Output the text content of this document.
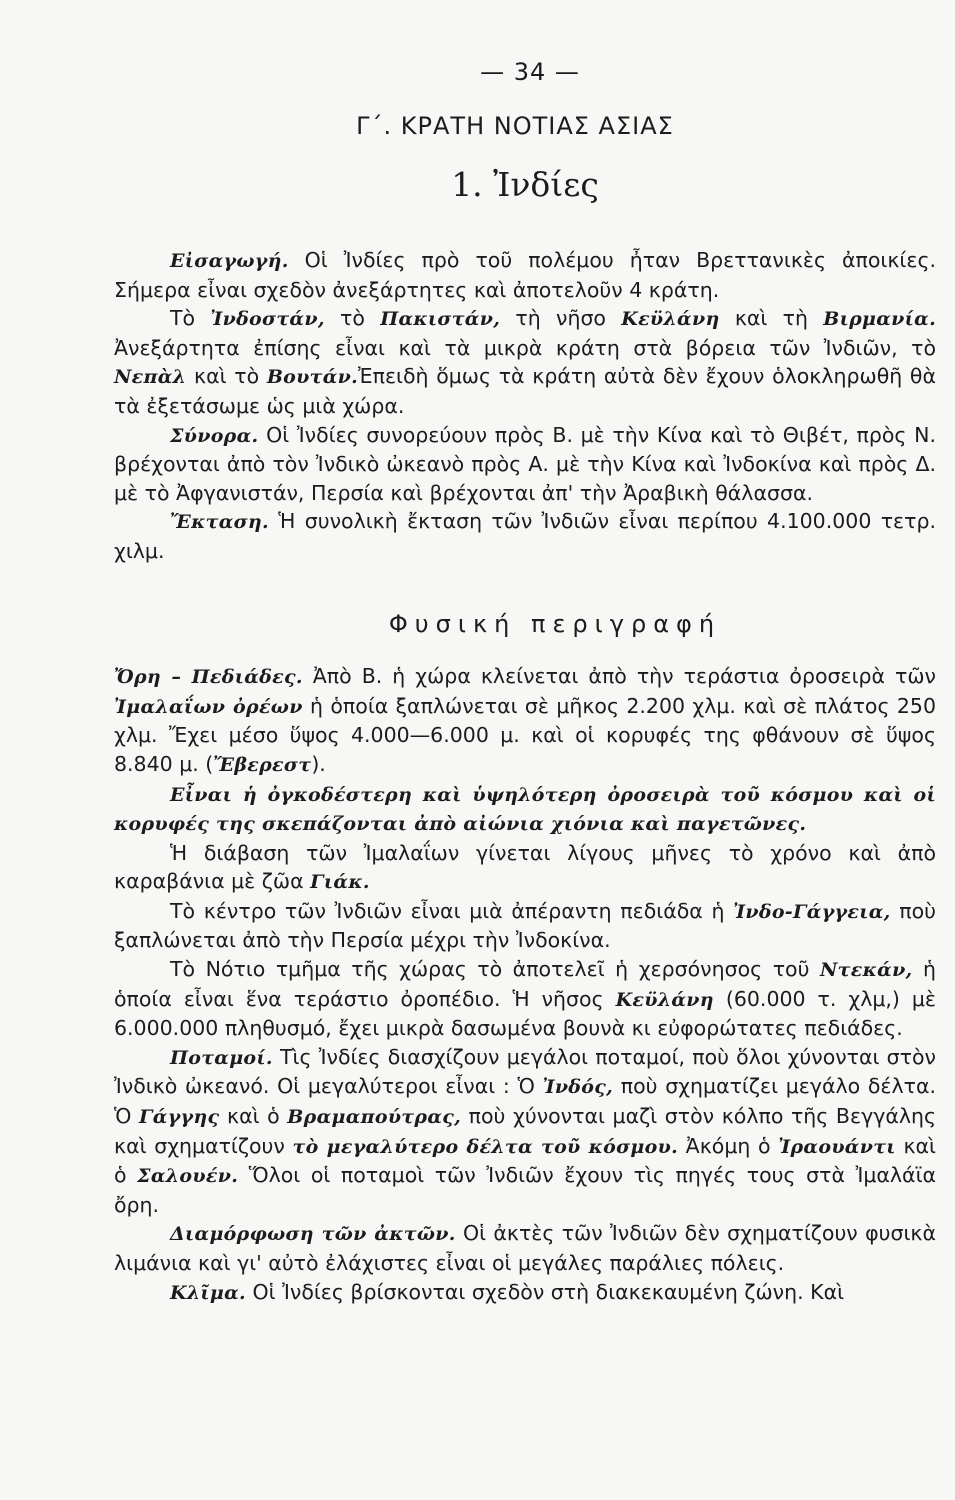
— 34 —
Γ΄. ΚΡΑΤΗ ΝΟΤΙΑΣ ΑΣΙΑΣ
1. Ἰνδίες

Εἰσαγωγή. Οἱ Ἰνδίες πρὸ τοῦ πολέμου ἦταν Βρεττανικὲς ἀποικίες. Σήμερα εἶναι σχεδὸν ἀνεξάρτητες καὶ ἀποτελοῦν 4 κράτη.

Τὸ Ἰνδοστάν, τὸ Πακιστάν, τὴ νῆσο Κεϋλάνη καὶ τὴ Βιρμανία. Ἀνεξάρτητα ἐπίσης εἶναι καὶ τὰ μικρὰ κράτη στὰ βόρεια τῶν Ἰνδιῶν, τὸ Νεπὰλ καὶ τὸ Βουτάν.Ἐπειδὴ ὅμως τὰ κράτη αὐτὰ δὲν ἔχουν ὁλοκληρωθῆ θὰ τὰ ἐξετάσωμε ὡς μιὰ χώρα.

Σύνορα. Οἱ Ἰνδίες συνορεύουν πρὸς Β. μὲ τὴν Κίνα καὶ τὸ Θιβέτ, πρὸς Ν. βρέχονται ἀπὸ τὸν Ἰνδικὸ ὠκεανὸ πρὸς Α. μὲ τὴν Κίνα καὶ Ἰνδοκίνα καὶ πρὸς Δ. μὲ τὸ Ἀφγανιστάν, Περσία καὶ βρέχονται ἀπ' τὴν Ἀραβικὴ θάλασσα.

Ἔκταση. Ἡ συνολικὴ ἔκταση τῶν Ἰνδιῶν εἶναι περίπου 4.100.000 τετρ. χιλμ.

Φυσική περιγραφή

Ὄρη – Πεδιάδες. Ἀπὸ Β. ἡ χώρα κλείνεται ἀπὸ τὴν τεράστια ὀροσειρὰ τῶν Ἰμαλαΐων ὀρέων ἡ ὁποία ξαπλώνεται σὲ μῆκος 2.200 χλμ. καὶ σὲ πλάτος 250 χλμ. Ἔχει μέσο ὕψος 4.000—6.000 μ. καὶ οἱ κορυφές της φθάνουν σὲ ὕψος 8.840 μ. (Ἔβερεστ).

Εἶναι ἡ ὀγκοδέστερη καὶ ὑψηλότερη ὀροσειρὰ τοῦ κόσμου καὶ οἱ κορυφές της σκεπάζονται ἀπὸ αἰώνια χιόνια καὶ παγετῶνες.

Ἡ διάβαση τῶν Ἰμαλαΐων γίνεται λίγους μῆνες τὸ χρόνο καὶ ἀπὸ καραβάνια μὲ ζῶα Γιάκ.

Τὸ κέντρο τῶν Ἰνδιῶν εἶναι μιὰ ἀπέραντη πεδιάδα ἡ Ἰνδο-Γάγγεια, ποὺ ξαπλώνεται ἀπὸ τὴν Περσία μέχρι τὴν Ἰνδοκίνα.

Τὸ Νότιο τμῆμα τῆς χώρας τὸ ἀποτελεῖ ἡ χερσόνησος τοῦ Ντεκάν, ἡ ὁποία εἶναι ἕνα τεράστιο ὀροπέδιο. Ἡ νῆσος Κεϋλάνη (60.000 τ. χλμ,) μὲ 6.000.000 πληθυσμό, ἔχει μικρὰ δασωμένα βουνὰ κι εὐφορώτατες πεδιάδες.

Ποταμοί. Τὶς Ἰνδίες διασχίζουν μεγάλοι ποταμοί, ποὺ ὅλοι χύνονται στὸν Ἰνδικὸ ὠκεανό. Οἱ μεγαλύτεροι εἶναι : Ὁ Ἰνδός, ποὺ σχηματίζει μεγάλο δέλτα. Ὁ Γάγγης καὶ ὁ Βραμαπούτρας, ποὺ χύνονται μαζὶ στὸν κόλπο τῆς Βεγγάλης καὶ σχηματίζουν τὸ μεγαλύτερο δέλτα τοῦ κόσμου. Ἀκόμη ὁ Ἰραουάντι καὶ ὁ Σαλουέν. Ὅλοι οἱ ποταμοὶ τῶν Ἰνδιῶν ἔχουν τὶς πηγές τους στὰ Ἰμαλάϊα ὄρη.

Διαμόρφωση τῶν ἀκτῶν. Οἱ ἀκτὲς τῶν Ἰνδιῶν δὲν σχηματίζουν φυσικὰ λιμάνια καὶ γι' αὐτὸ ἐλάχιστες εἶναι οἱ μεγάλες παράλιες πόλεις.

Κλῖμα. Οἱ Ἰνδίες βρίσκονται σχεδὸν στὴ διακεκαυμένη ζώνη. Καὶ
